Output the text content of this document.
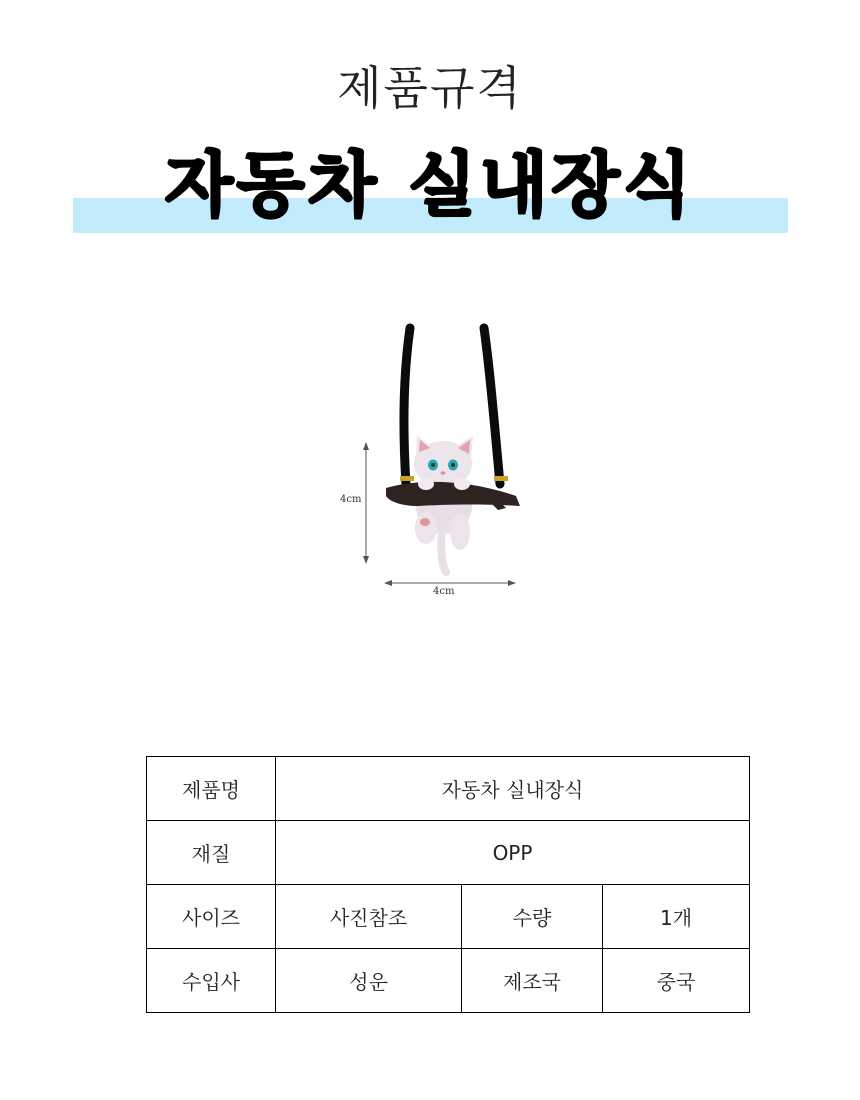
제품규격
자동차 실내장식
4cm
4cm
제품명	자동차 실내장식		
재질	OPP		
사이즈	사진참조	수량	1개
수입사	성운	제조국	중국
